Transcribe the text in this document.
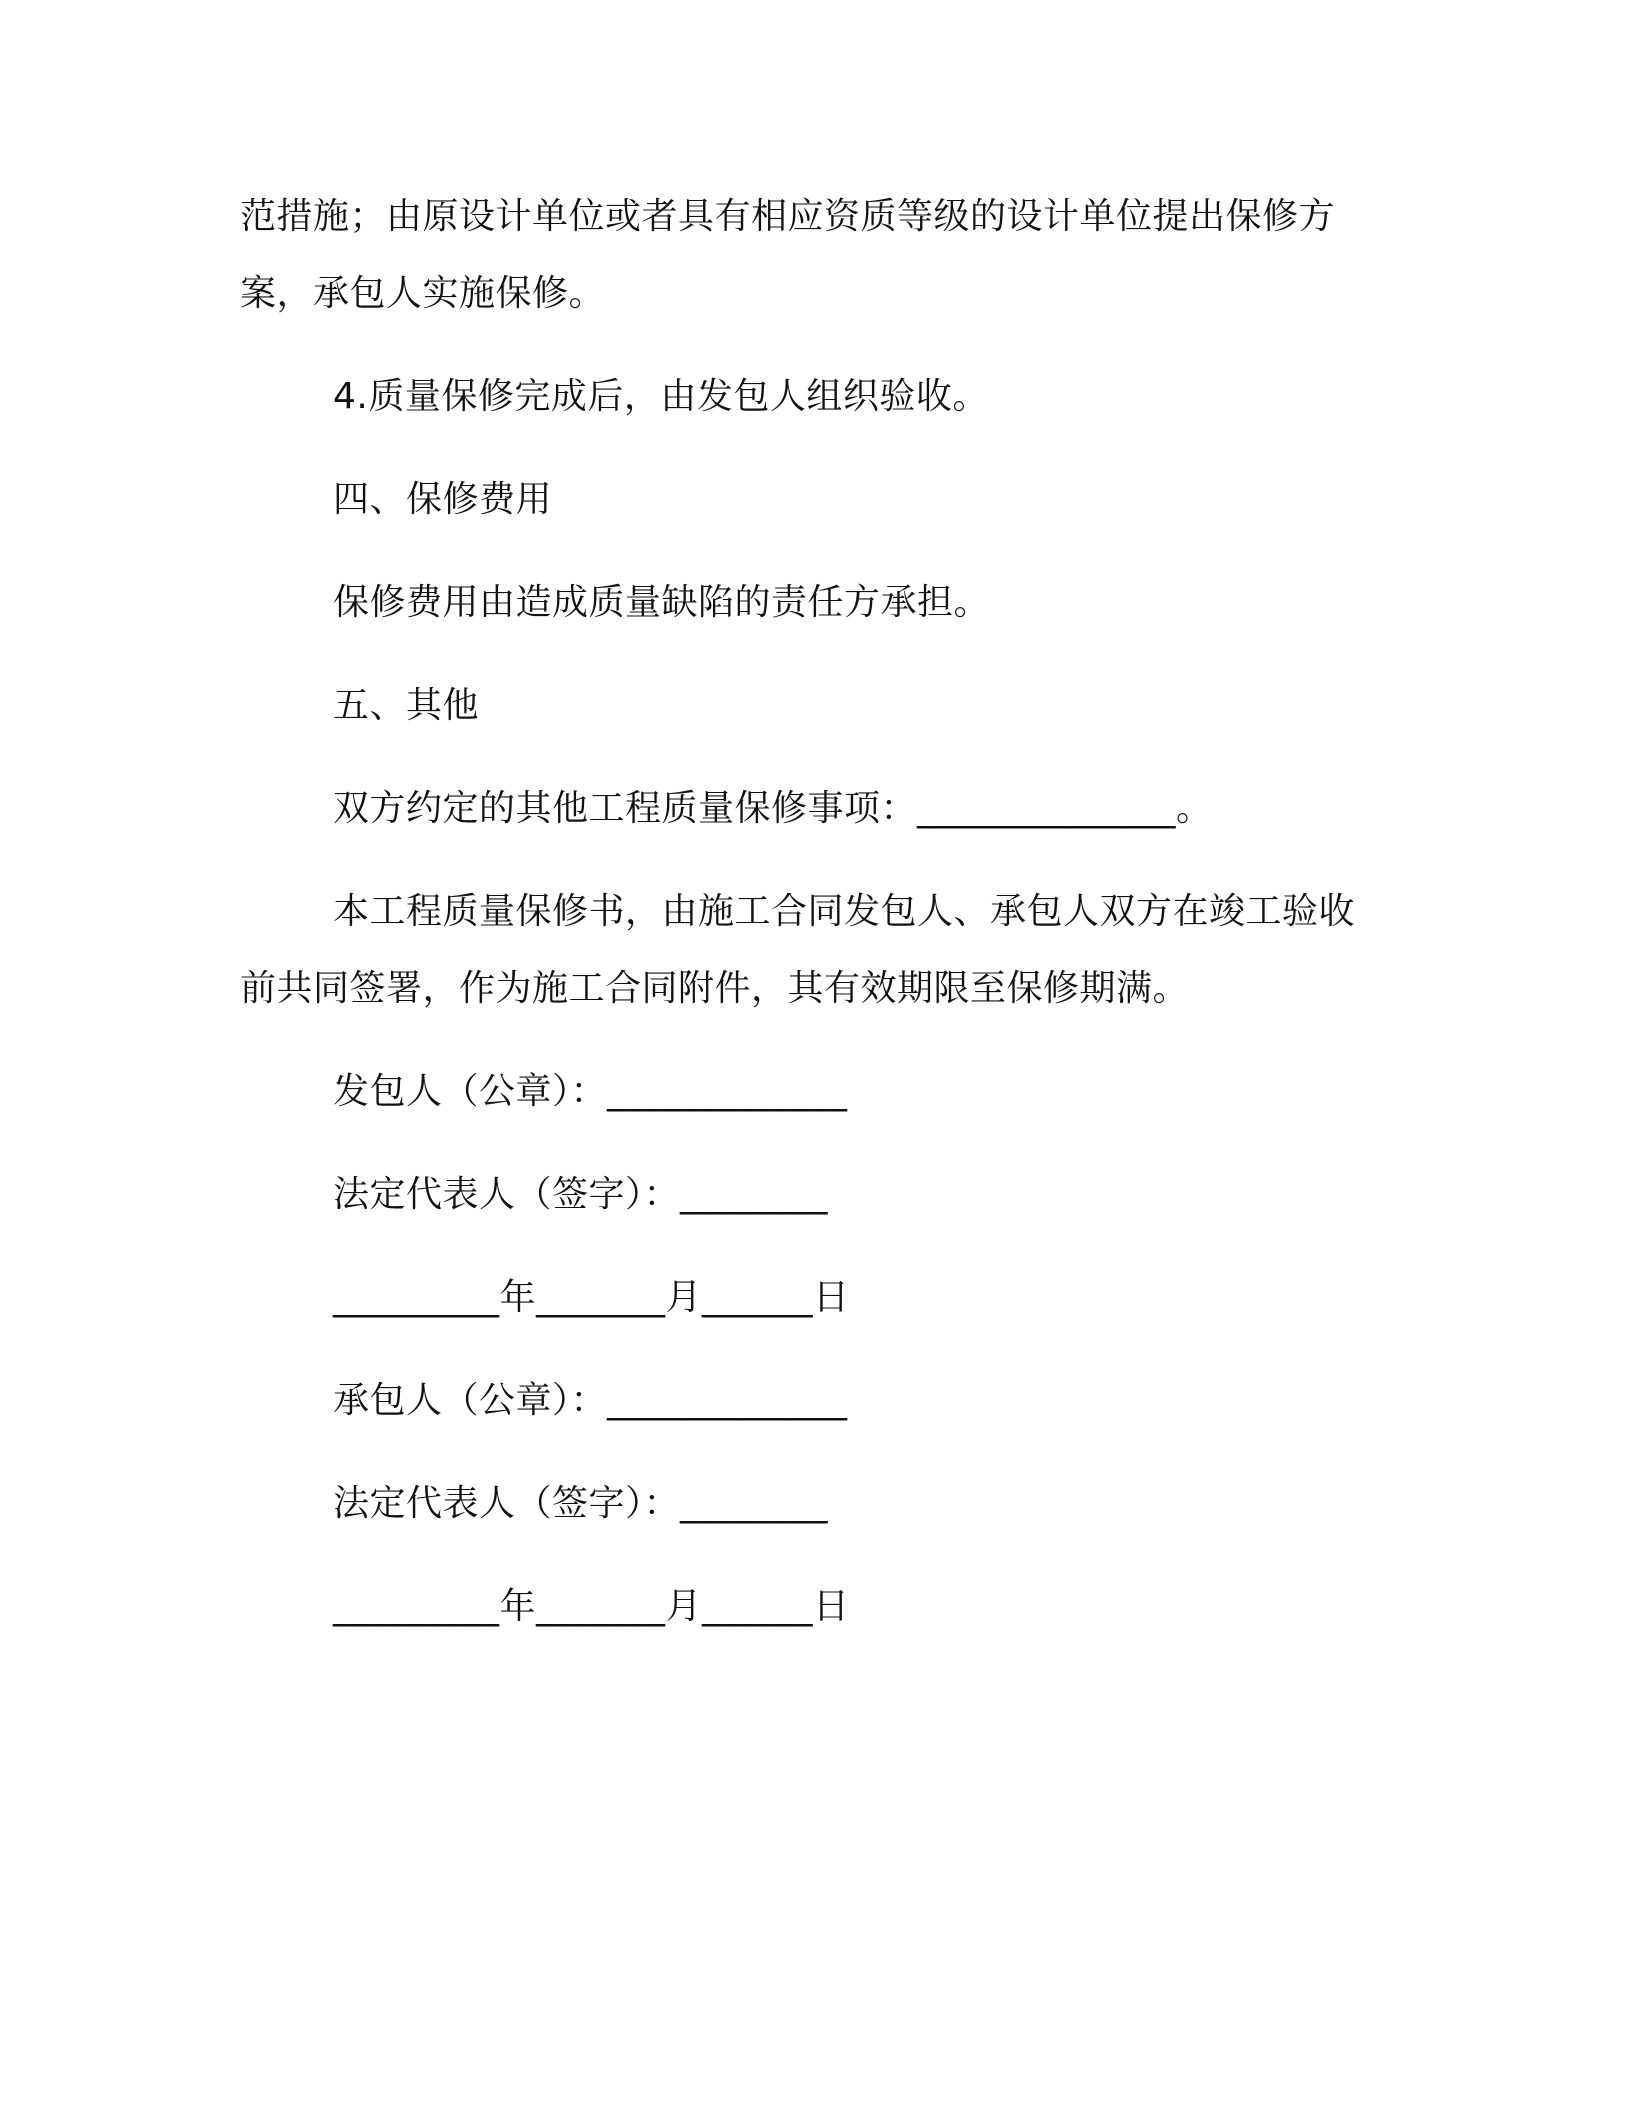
范措施；由原设计单位或者具有相应资质等级的设计单位提出保修方
案，承包人实施保修。
4.质量保修完成后，由发包人组织验收。
四、保修费用
保修费用由造成质量缺陷的责任方承担。
五、其他
双方约定的其他工程质量保修事项：______________。
本工程质量保修书，由施工合同发包人、承包人双方在竣工验收
前共同签署，作为施工合同附件，其有效期限至保修期满。
发包人（公章）：_____________
法定代表人（签字）：________
_________年_______月______日
承包人（公章）：_____________
法定代表人（签字）：________
_________年_______月______日
